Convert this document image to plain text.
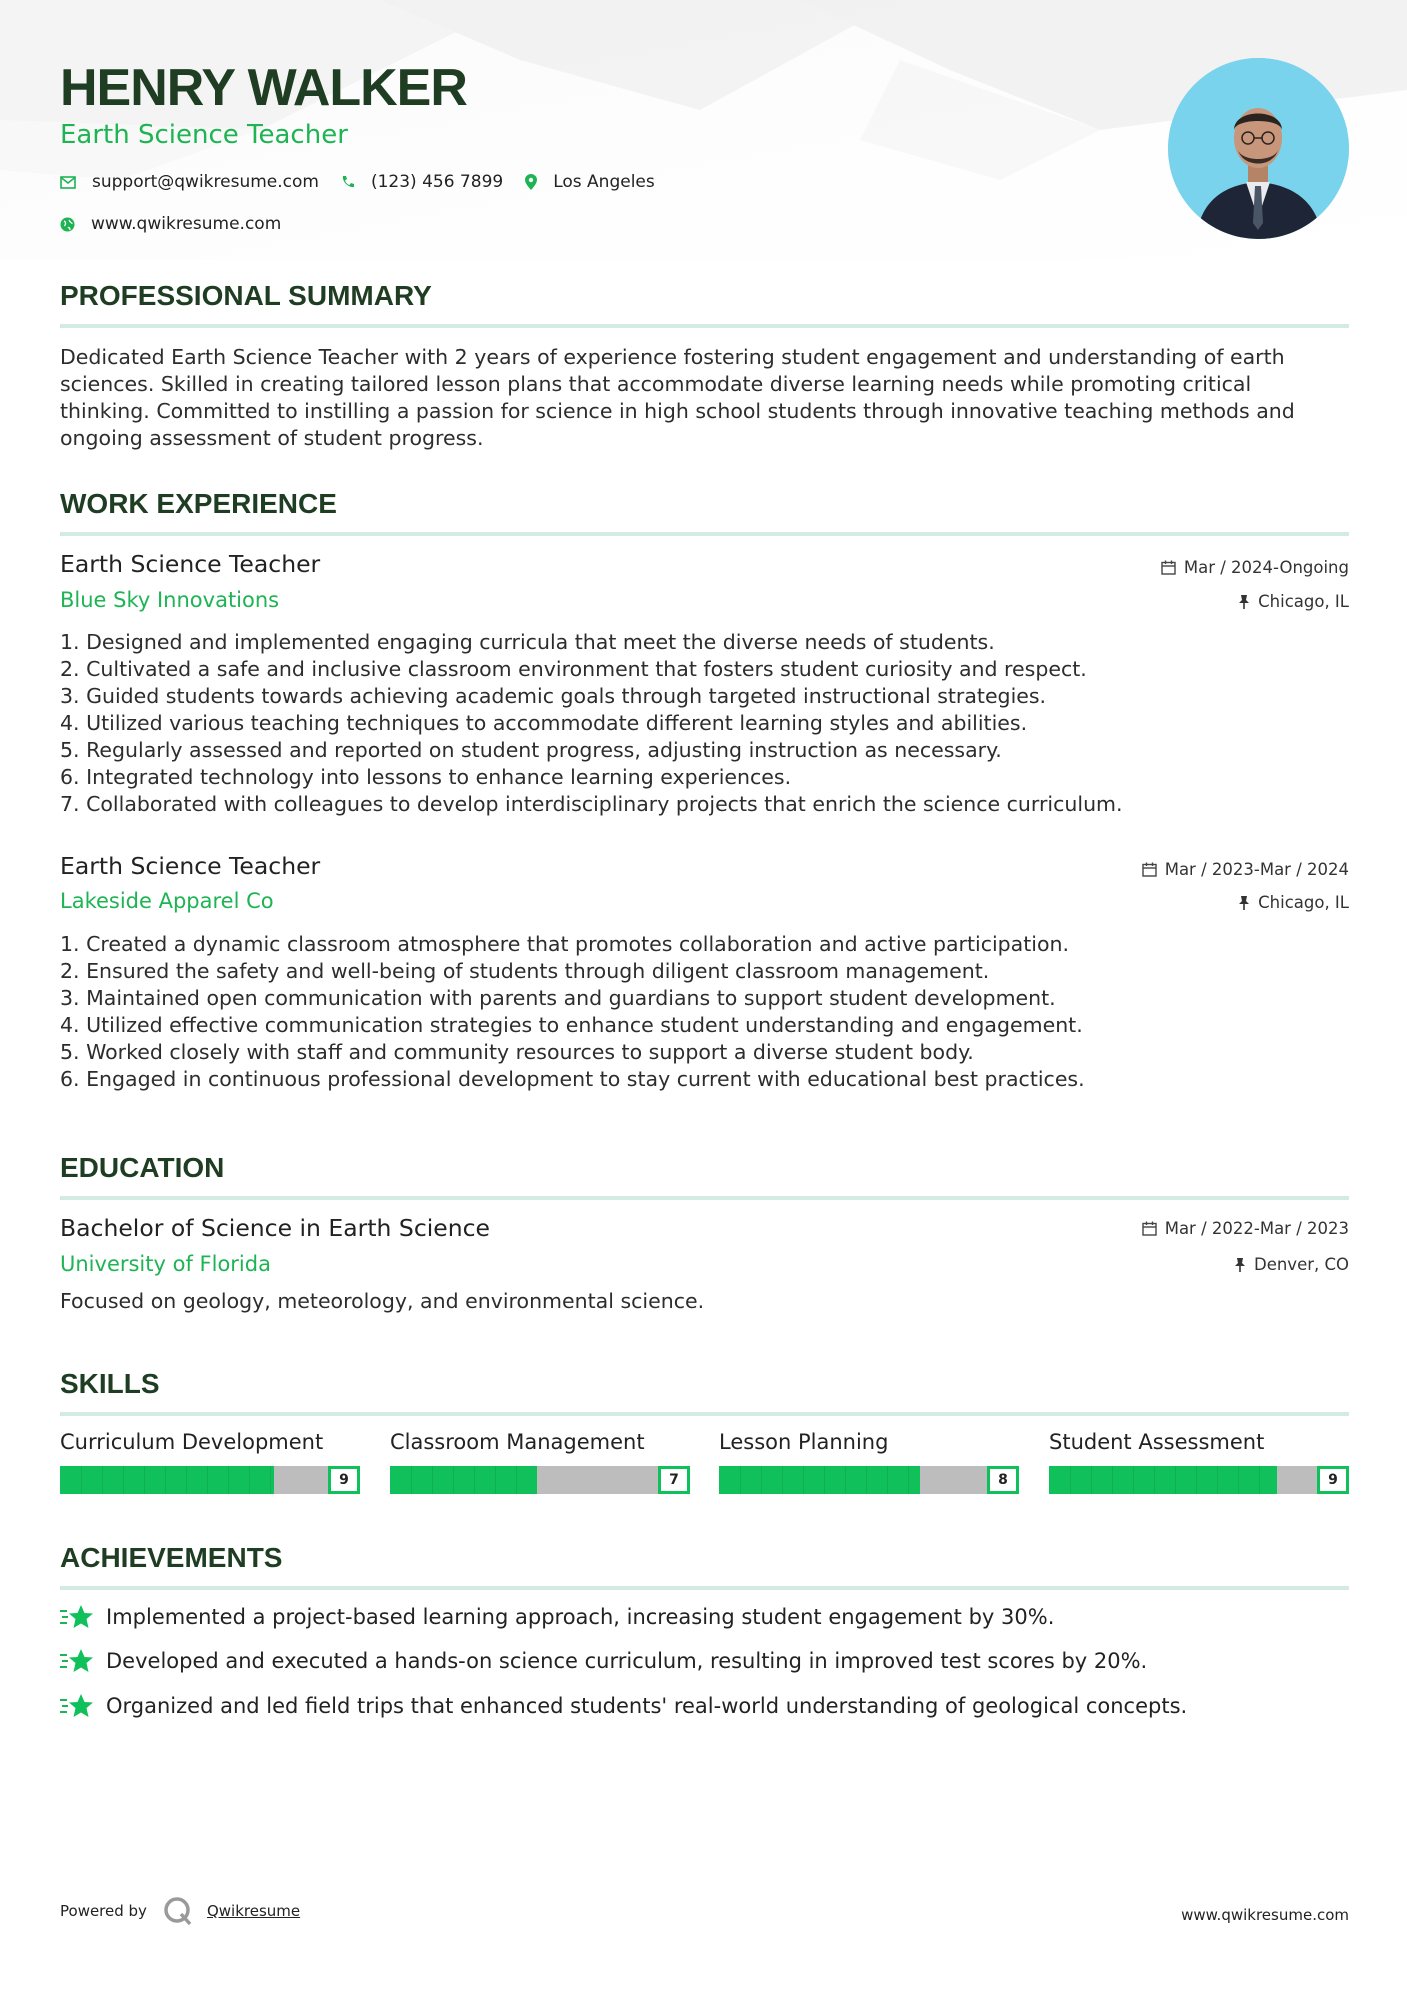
HENRY WALKER
Earth Science Teacher
support@qwikresume.com	(123) 456 7899	Los Angeles
www.qwikresume.com
PROFESSIONAL SUMMARY
Dedicated Earth Science Teacher with 2 years of experience fostering student engagement and understanding of earth
sciences. Skilled in creating tailored lesson plans that accommodate diverse learning needs while promoting critical
thinking. Committed to instilling a passion for science in high school students through innovative teaching methods and
ongoing assessment of student progress.
WORK EXPERIENCE
Earth Science Teacher
Blue Sky Innovations
Mar / 2024-Ongoing
Chicago, IL
1. Designed and implemented engaging curricula that meet the diverse needs of students.
2. Cultivated a safe and inclusive classroom environment that fosters student curiosity and respect.
3. Guided students towards achieving academic goals through targeted instructional strategies.
4. Utilized various teaching techniques to accommodate different learning styles and abilities.
5. Regularly assessed and reported on student progress, adjusting instruction as necessary.
6. Integrated technology into lessons to enhance learning experiences.
7. Collaborated with colleagues to develop interdisciplinary projects that enrich the science curriculum.
Earth Science Teacher
Lakeside Apparel Co
Mar / 2023-Mar / 2024
Chicago, IL
1. Created a dynamic classroom atmosphere that promotes collaboration and active participation.
2. Ensured the safety and well-being of students through diligent classroom management.
3. Maintained open communication with parents and guardians to support student development.
4. Utilized effective communication strategies to enhance student understanding and engagement.
5. Worked closely with staff and community resources to support a diverse student body.
6. Engaged in continuous professional development to stay current with educational best practices.
EDUCATION
Bachelor of Science in Earth Science
University of Florida
Mar / 2022-Mar / 2023
Denver, CO
Focused on geology, meteorology, and environmental science.
SKILLS
Curriculum Development
9
Classroom Management
7
Lesson Planning
8
Student Assessment
9
ACHIEVEMENTS
Implemented a project-based learning approach, increasing student engagement by 30%.
Developed and executed a hands-on science curriculum, resulting in improved test scores by 20%.
Organized and led field trips that enhanced students' real-world understanding of geological concepts.
Powered by	Qwikresume	www.qwikresume.com
